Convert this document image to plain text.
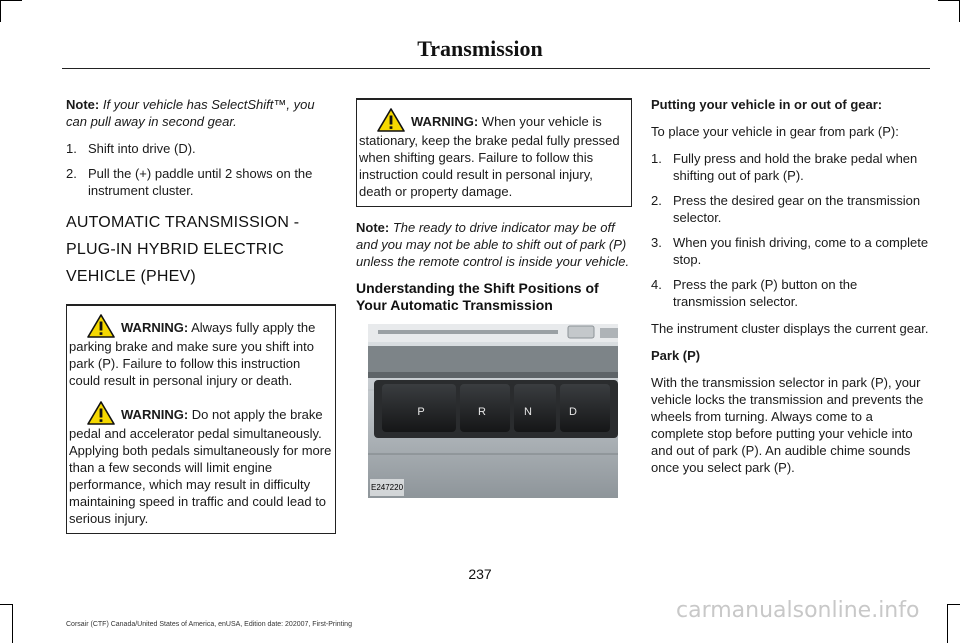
Transmission
Note: If your vehicle has SelectShift™, you can pull away in second gear.
1. Shift into drive (D).
2. Pull the (+) paddle until 2 shows on the instrument cluster.
AUTOMATIC TRANSMISSION -
PLUG-IN HYBRID ELECTRIC
VEHICLE (PHEV)
WARNING: Always fully apply the parking brake and make sure you shift into park (P). Failure to follow this instruction could result in personal injury or death.
WARNING: Do not apply the brake pedal and accelerator pedal simultaneously. Applying both pedals simultaneously for more than a few seconds will limit engine performance, which may result in difficulty maintaining speed in traffic and could lead to serious injury.
WARNING: When your vehicle is stationary, keep the brake pedal fully pressed when shifting gears. Failure to follow this instruction could result in personal injury, death or property damage.
Note: The ready to drive indicator may be off and you may not be able to shift out of park (P) unless the remote control is inside your vehicle.
Understanding the Shift Positions of Your Automatic Transmission
P	R	N	D
E247220
Putting your vehicle in or out of gear:
To place your vehicle in gear from park (P):
1. Fully press and hold the brake pedal when shifting out of park (P).
2. Press the desired gear on the transmission selector.
3. When you finish driving, come to a complete stop.
4. Press the park (P) button on the transmission selector.
The instrument cluster displays the current gear.
Park (P)
With the transmission selector in park (P), your vehicle locks the transmission and prevents the wheels from turning. Always come to a complete stop before putting your vehicle into and out of park (P). An audible chime sounds once you select park (P).
237
Corsair (CTF) Canada/United States of America, enUSA, Edition date: 202007, First-Printing
carmanualsonline.info
